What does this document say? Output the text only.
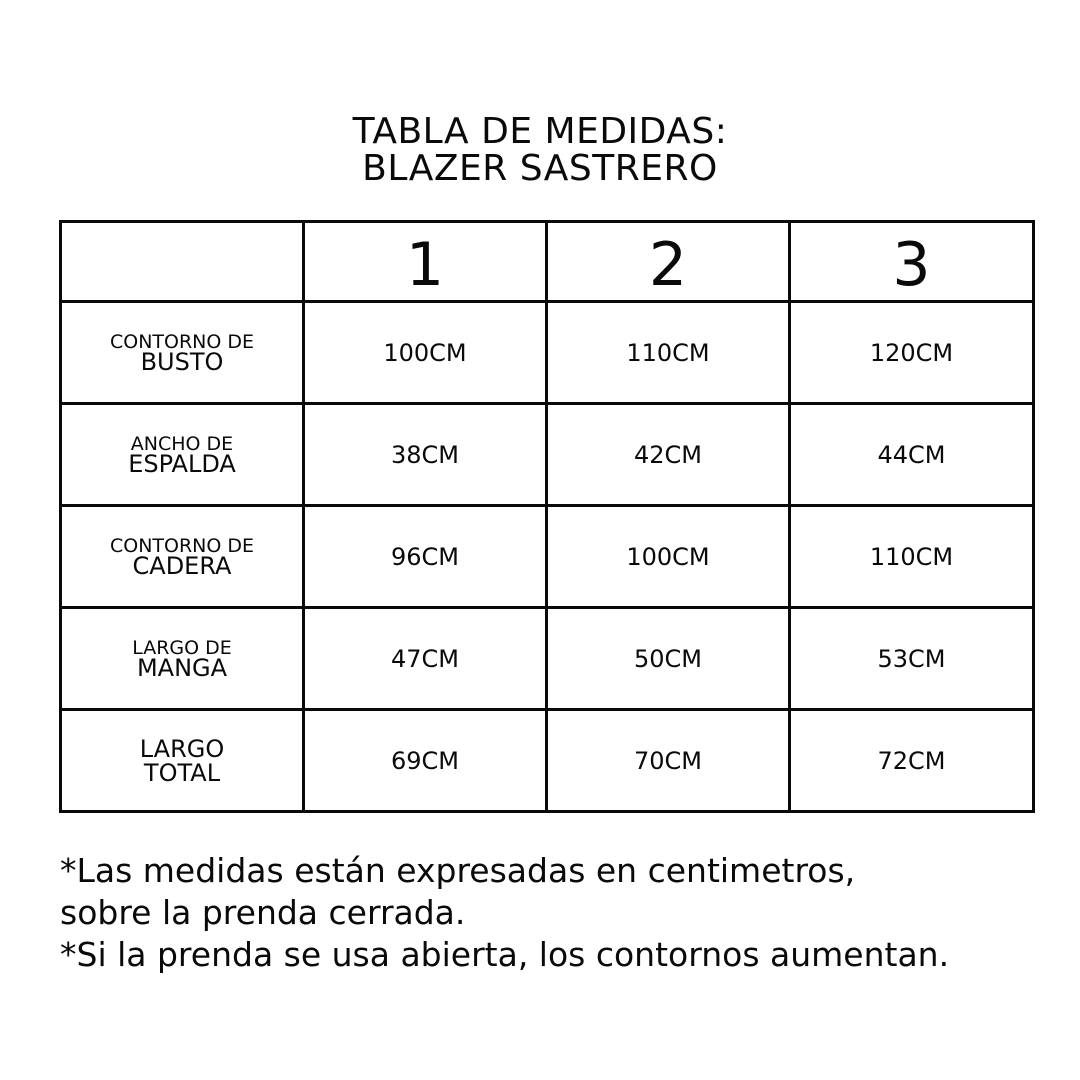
TABLA DE MEDIDAS:
BLAZER SASTRERO
	1	2	3

CONTORNO DE
BUSTO	100CM	110CM	120CM

ANCHO DE
ESPALDA	38CM	42CM	44CM

CONTORNO DE
CADERA	96CM	100CM	110CM

LARGO DE
MANGA	47CM	50CM	53CM

LARGO
TOTAL	69CM	70CM	72CM
*Las medidas están expresadas en centimetros,
sobre la prenda cerrada.
*Si la prenda se usa abierta, los contornos aumentan.
